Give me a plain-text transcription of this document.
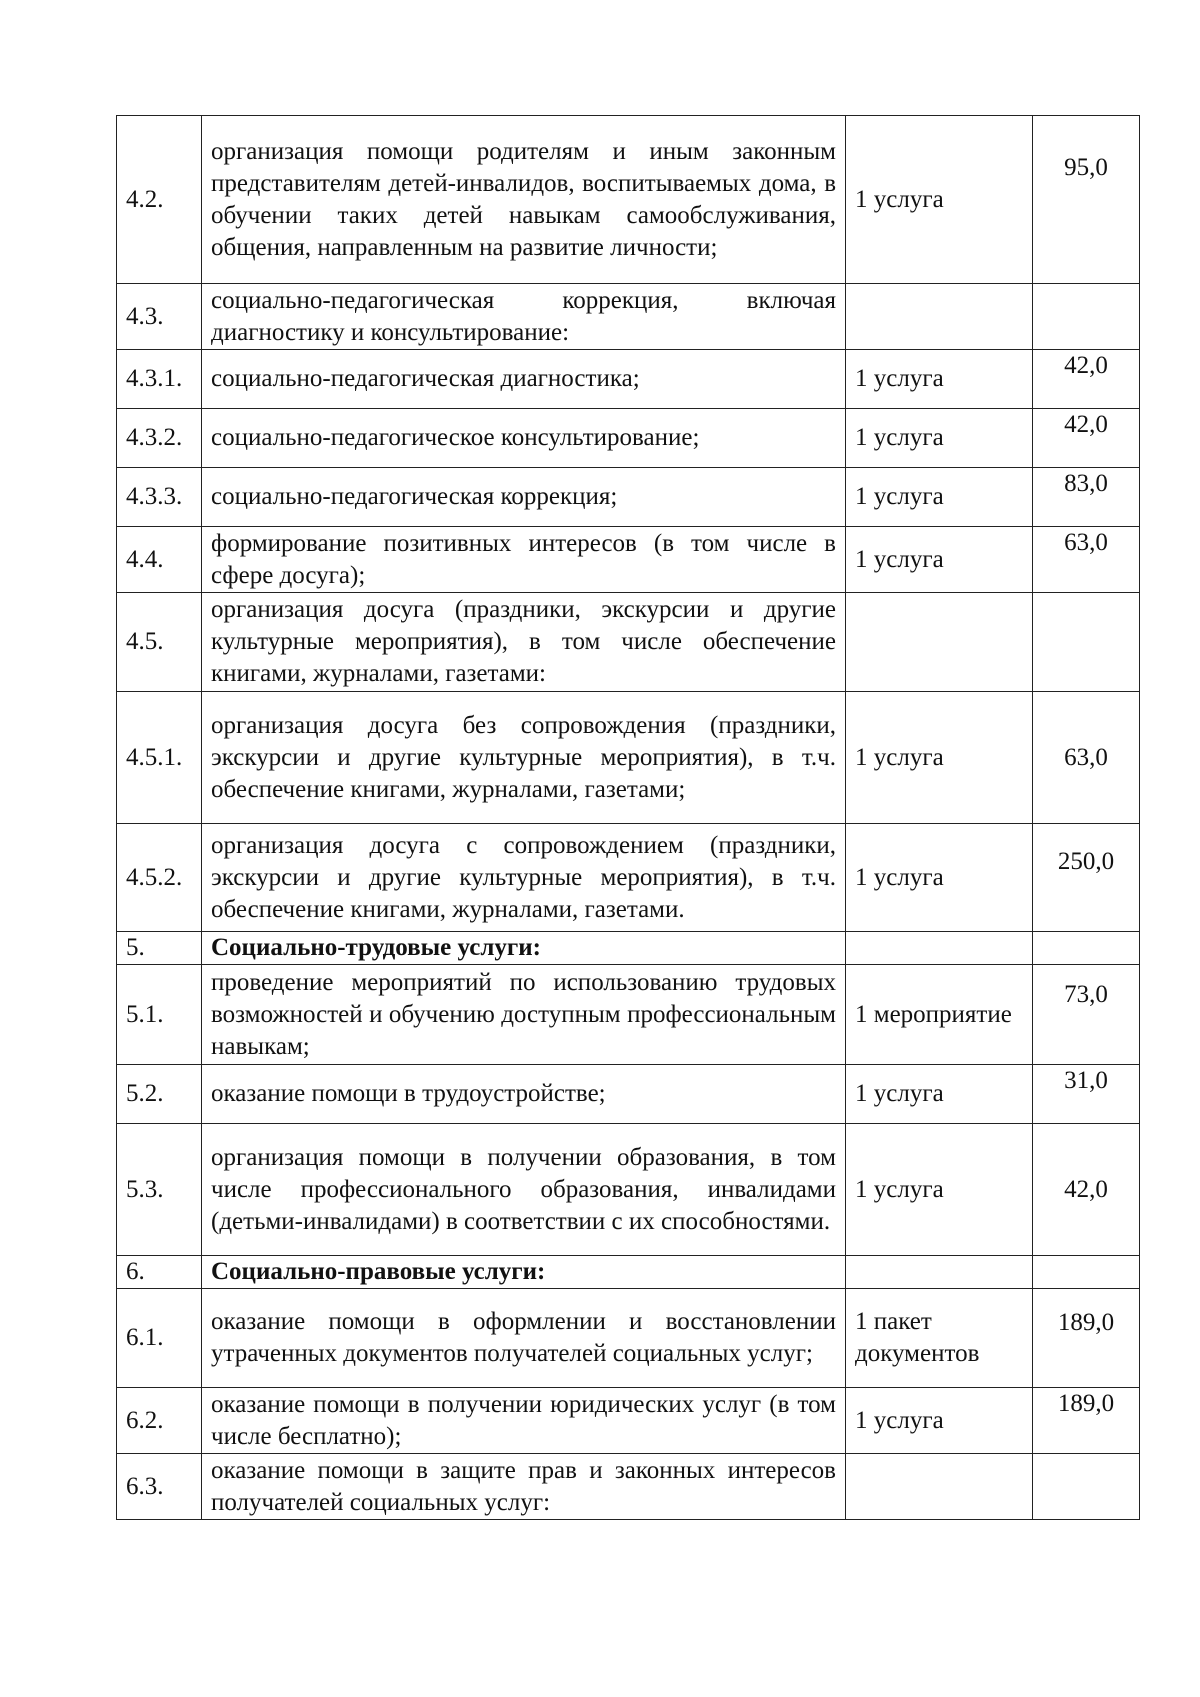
4.2.	организация помощи родителям и иным законным представителям детей-инвалидов, воспитываемых дома, в обучении таких детей навыкам самообслуживания, общения, направленным на развитие личности;	1 услуга	95,0
4.3.	социально-педагогическая коррекция, включая диагностику и консультирование:		
4.3.1.	социально-педагогическая диагностика;	1 услуга	42,0
4.3.2.	социально-педагогическое консультирование;	1 услуга	42,0
4.3.3.	социально-педагогическая коррекция;	1 услуга	83,0
4.4.	формирование позитивных интересов (в том числе в сфере досуга);	1 услуга	63,0
4.5.	организация досуга (праздники, экскурсии и другие культурные мероприятия), в том числе обеспечение книгами, журналами, газетами:		
4.5.1.	организация досуга без сопровождения (праздники, экскурсии и другие культурные мероприятия), в т.ч. обеспечение книгами, журналами, газетами;	1 услуга	63,0
4.5.2.	организация досуга с сопровождением (праздники, экскурсии и другие культурные мероприятия), в т.ч. обеспечение книгами, журналами, газетами.	1 услуга	250,0
5.	Социально-трудовые услуги:		
5.1.	проведение мероприятий по использованию трудовых возможностей и обучению доступным профессиональным навыкам;	1 мероприятие	73,0
5.2.	оказание помощи в трудоустройстве;	1 услуга	31,0
5.3.	организация помощи в получении образования, в том числе профессионального образования, инвалидами (детьми-инвалидами) в соответствии с их способностями.	1 услуга	42,0
6.	Социально-правовые услуги:		
6.1.	оказание помощи в оформлении и восстановлении утраченных документов получателей социальных услуг;	1 пакет документов	189,0
6.2.	оказание помощи в получении юридических услуг (в том числе бесплатно);	1 услуга	189,0
6.3.	оказание помощи в защите прав и законных интересов получателей социальных услуг:		
